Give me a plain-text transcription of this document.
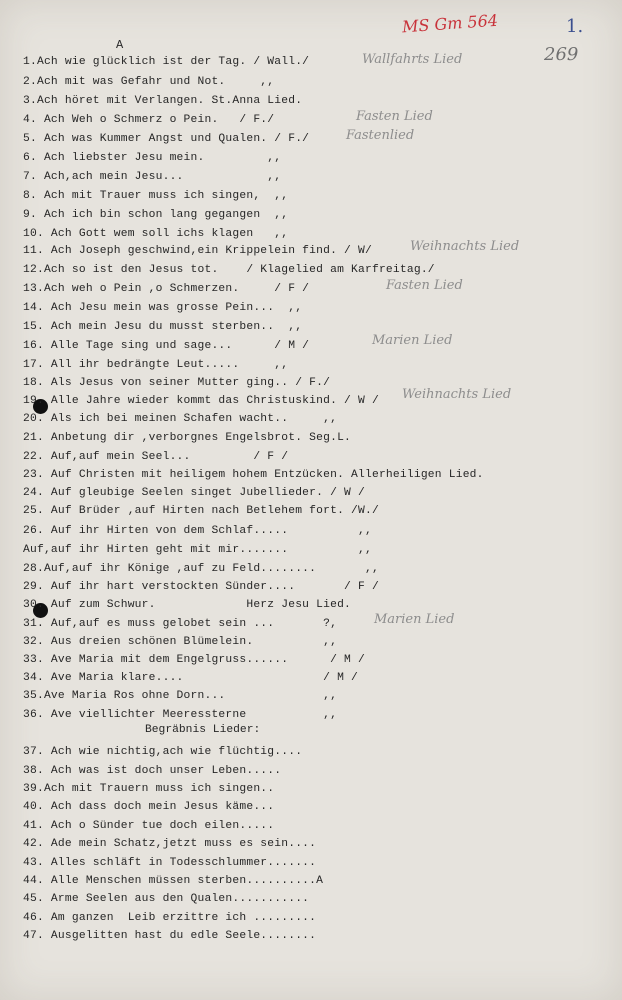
MS Gm 564	1.
269
A
1.Ach wie glücklich ist der Tag. / Wall./
2.Ach mit was Gefahr und Not.     ,,
3.Ach höret mit Verlangen. St.Anna Lied.
4. Ach Weh o Schmerz o Pein.   / F./
5. Ach was Kummer Angst und Qualen. / F./
6. Ach liebster Jesu mein.         ,,
7. Ach,ach mein Jesu...            ,,
8. Ach mit Trauer muss ich singen,  ,,
9. Ach ich bin schon lang gegangen  ,,
10. Ach Gott wem soll ichs klagen   ,,
11. Ach Joseph geschwind,ein Krippelein find. / W/
12.Ach so ist den Jesus tot.    / Klagelied am Karfreitag./
13.Ach weh o Pein ,o Schmerzen.     / F /
14. Ach Jesu mein was grosse Pein...  ,,
15. Ach mein Jesu du musst sterben..  ,,
16. Alle Tage sing und sage...      / M /
17. All ihr bedrängte Leut.....     ,,
18. Als Jesus von seiner Mutter ging.. / F./
19. Alle Jahre wieder kommt das Christuskind. / W /
20. Als ich bei meinen Schafen wacht..     ,,
21. Anbetung dir ,verborgnes Engelsbrot. Seg.L.
22. Auf,auf mein Seel...         / F /
23. Auf Christen mit heiligem hohem Entzücken. Allerheiligen Lied.
24. Auf gleubige Seelen singet Jubellieder. / W /
25. Auf Brüder ,auf Hirten nach Betlehem fort. /W./
26. Auf ihr Hirten von dem Schlaf.....          ,,
Auf,auf ihr Hirten geht mit mir.......          ,,
28.Auf,auf ihr Könige ,auf zu Feld........       ,,
29. Auf ihr hart verstockten Sünder....       / F /
30. Auf zum Schwur.             Herz Jesu Lied.
31. Auf,auf es muss gelobet sein ...       ?,
32. Aus dreien schönen Blümelein.          ,,
33. Ave Maria mit dem Engelgruss......      / M /
34. Ave Maria klare....                    / M /
35.Ave Maria Ros ohne Dorn...              ,,
36. Ave viellichter Meeressterne           ,,
Begräbnis Lieder:
37. Ach wie nichtig,ach wie flüchtig....
38. Ach was ist doch unser Leben.....
39.Ach mit Trauern muss ich singen..
40. Ach dass doch mein Jesus käme...
41. Ach o Sünder tue doch eilen.....
42. Ade mein Schatz,jetzt muss es sein....
43. Alles schläft in Todesschlummer.......
44. Alle Menschen müssen sterben..........A
45. Arme Seelen aus den Qualen...........
46. Am ganzen  Leib erzittre ich .........
47. Ausgelitten hast du edle Seele........
Wallfahrts Lied
Fasten Lied
Fastenlied
Weihnachts Lied
Fasten Lied
Marien Lied
Weihnachts Lied
Marien Lied
